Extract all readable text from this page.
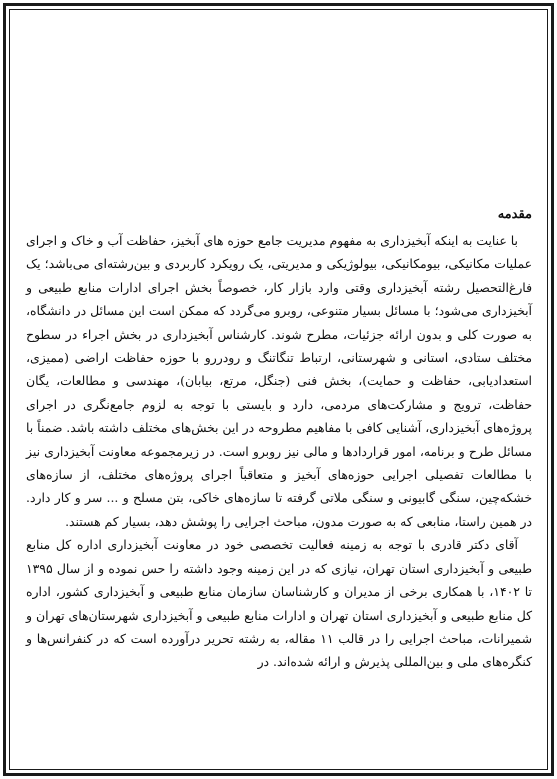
مقدمه

با عنایت به اینکه آبخیزداری به مفهوم مدیریت جامع حوزه های آبخیز، حفاظت آب و خاک و اجرای عملیات مکانیکی، بیومکانیکی، بیولوژیکی و مدیریتی، یک رویکرد کاربردی و بین‌رشته‌ای می‌باشد؛ یک فارغ‌التحصیل رشته آبخیزداری وقتی وارد بازار کار، خصوصاً بخش اجرای ادارات منابع طبیعی و آبخیزداری می‌شود؛ با مسائل بسیار متنوعی، روبرو می‌گردد که ممکن است این مسائل در دانشگاه، به صورت کلی و بدون ارائه جزئیات، مطرح شوند. کارشناس آبخیزداری در بخش اجراء در سطوح مختلف ستادی، استانی و شهرستانی، ارتباط تنگاتنگ و رودررو با حوزه حفاظت اراضی (ممیزی، استعدادیابی، حفاظت و حمایت)، بخش فنی (جنگل، مرتع، بیابان)، مهندسی و مطالعات، یگان حفاظت، ترویج و مشارکت‌های مردمی، دارد و بایستی با توجه به لزوم جامع‌نگری در اجرای پروژه‌های آبخیزداری، آشنایی کافی با مفاهیم مطروحه در این بخش‌های مختلف داشته باشد. ضمناً با مسائل طرح و برنامه، امور قراردادها و مالی نیز روبرو است. در زیرمجموعه معاونت آبخیزداری نیز با مطالعات تفصیلی اجرایی حوزه‌های آبخیز و متعاقباً اجرای پروژه‌های مختلف، از سازه‌های خشکه‌چین، سنگی گابیونی و سنگی ملاتی گرفته تا سازه‌های خاکی، بتن مسلح و ... سر و کار دارد. در همین راستا، منابعی که به صورت مدون، مباحث اجرایی را پوشش دهد، بسیار کم هستند.

آقای دکتر قادری با توجه به زمینه فعالیت تخصصی خود در معاونت آبخیزداری اداره کل منابع طبیعی و آبخیزداری استان تهران، نیازی که در این زمینه وجود داشته را حس نموده و از سال ۱۳۹۵ تا ۱۴۰۲، با همکاری برخی از مدیران و کارشناسان سازمان منابع طبیعی و آبخیزداری کشور، اداره کل منابع طبیعی و آبخیزداری استان تهران و ادارات منابع طبیعی و آبخیزداری شهرستان‌های تهران و شمیرانات، مباحث اجرایی را در قالب ۱۱ مقاله، به رشته تحریر درآورده است که در کنفرانس‌ها و کنگره‌های ملی و بین‌المللی پذیرش و ارائه شده‌اند. در
